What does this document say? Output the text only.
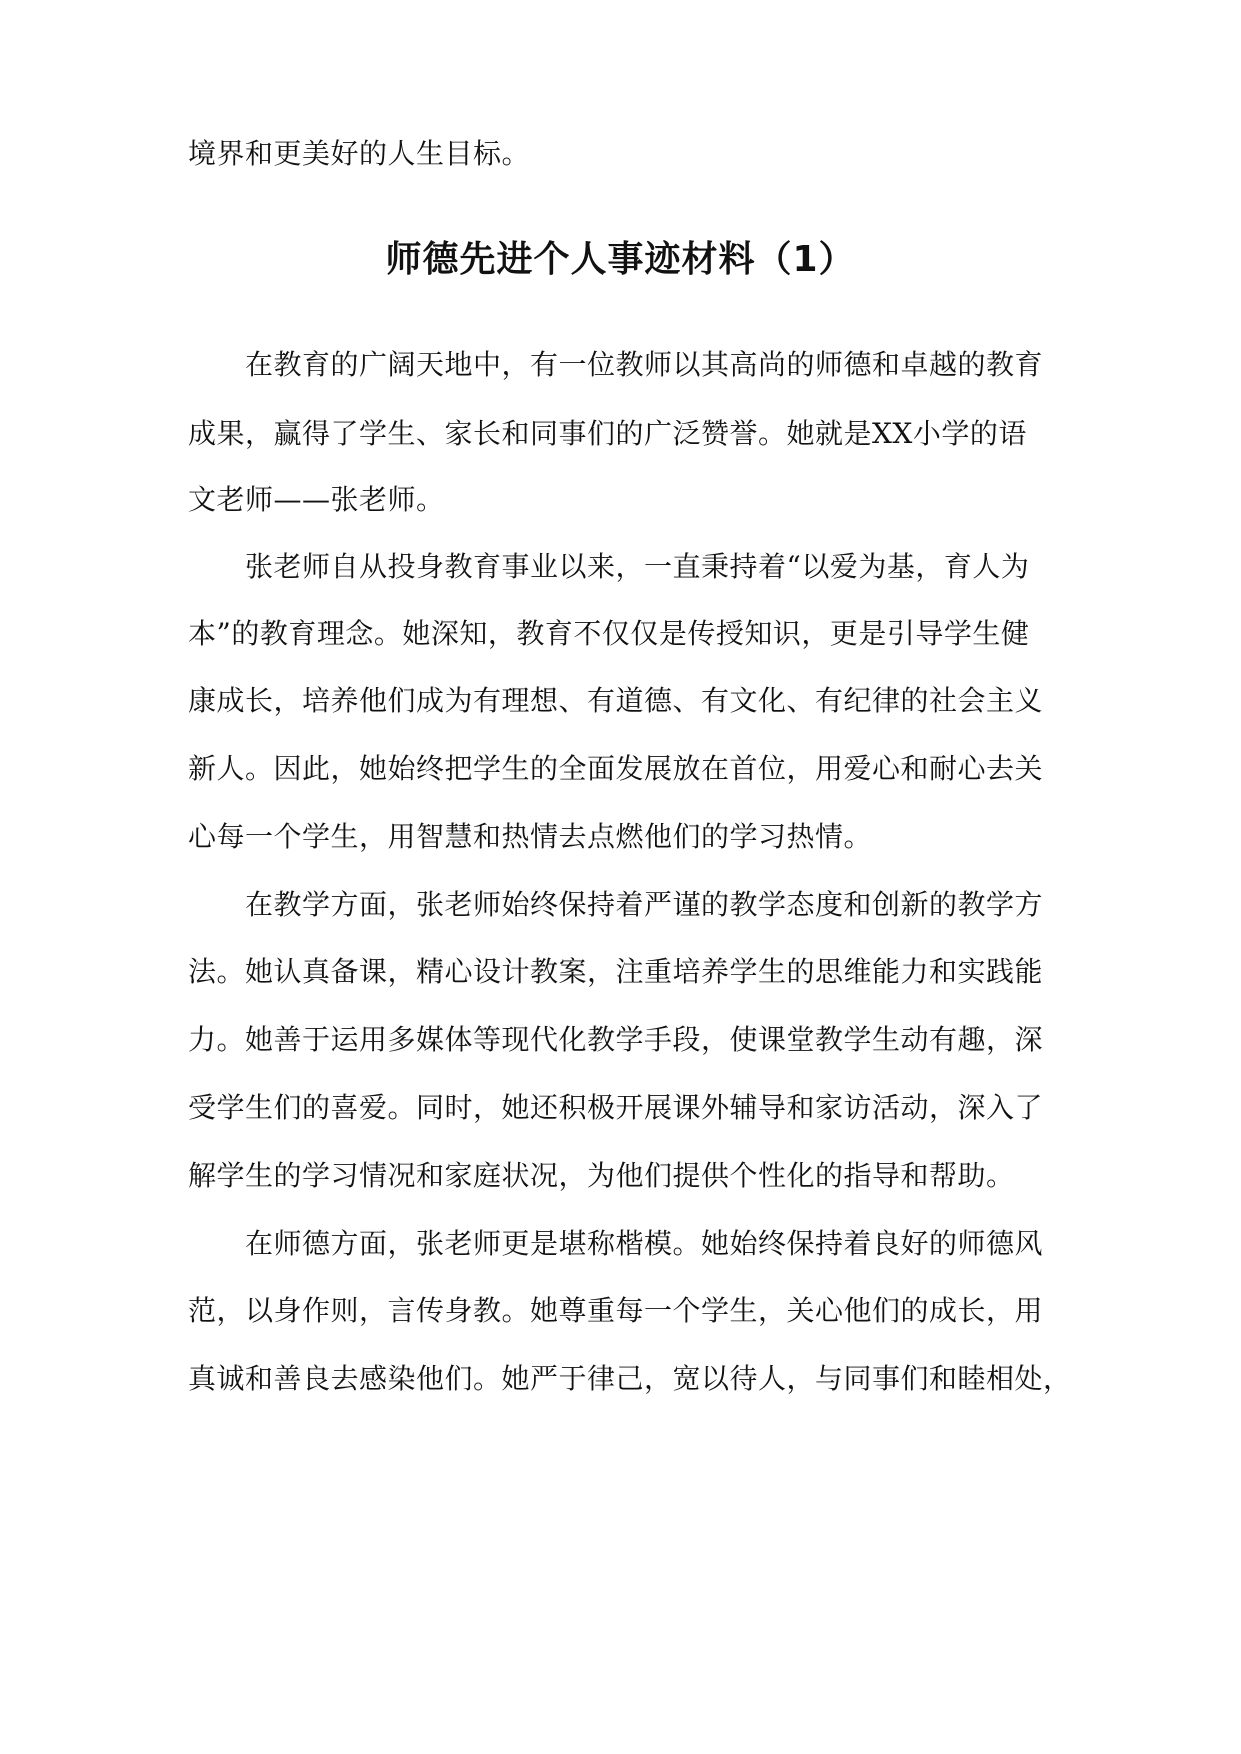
境界和更美好的人生目标。
师德先进个人事迹材料（1）
　　在教育的广阔天地中，有一位教师以其高尚的师德和卓越的教育
成果，赢得了学生、家长和同事们的广泛赞誉。她就是XX小学的语
文老师——张老师。
　　张老师自从投身教育事业以来，一直秉持着“以爱为基，育人为
本”的教育理念。她深知，教育不仅仅是传授知识，更是引导学生健
康成长，培养他们成为有理想、有道德、有文化、有纪律的社会主义
新人。因此，她始终把学生的全面发展放在首位，用爱心和耐心去关
心每一个学生，用智慧和热情去点燃他们的学习热情。
　　在教学方面，张老师始终保持着严谨的教学态度和创新的教学方
法。她认真备课，精心设计教案，注重培养学生的思维能力和实践能
力。她善于运用多媒体等现代化教学手段，使课堂教学生动有趣，深
受学生们的喜爱。同时，她还积极开展课外辅导和家访活动，深入了
解学生的学习情况和家庭状况，为他们提供个性化的指导和帮助。
　　在师德方面，张老师更是堪称楷模。她始终保持着良好的师德风
范，以身作则，言传身教。她尊重每一个学生，关心他们的成长，用
真诚和善良去感染他们。她严于律己，宽以待人，与同事们和睦相处，
